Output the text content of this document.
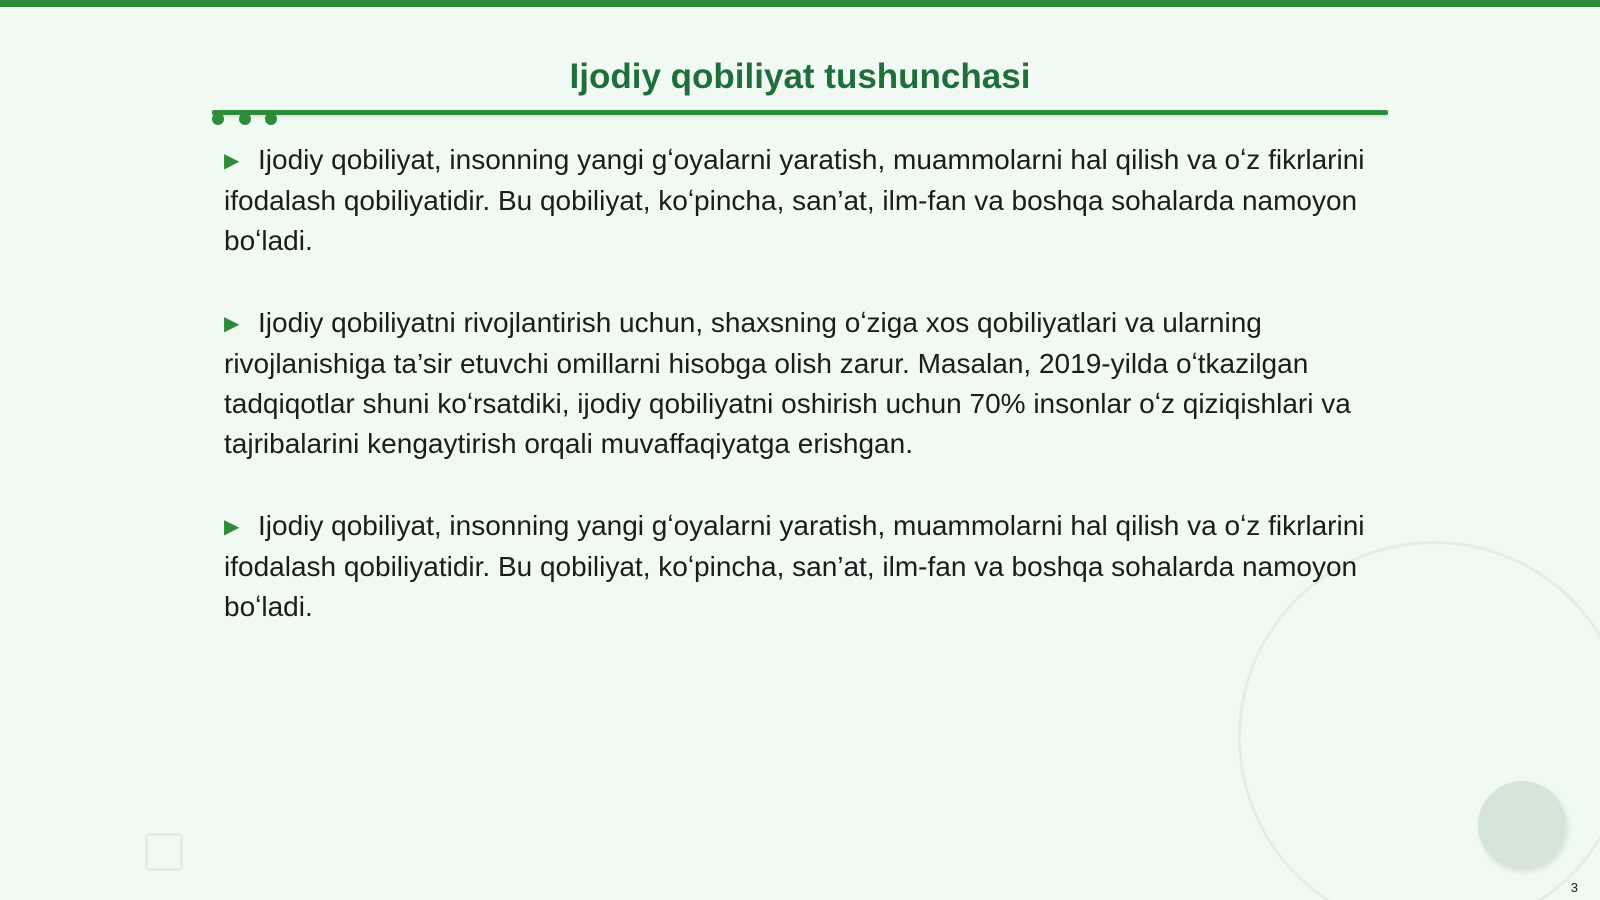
Ijodiy qobiliyat tushunchasi

▶ Ijodiy qobiliyat, insonning yangi gʻoyalarni yaratish, muammolarni hal qilish va oʻz fikrlarini ifodalash qobiliyatidir. Bu qobiliyat, koʻpincha, san’at, ilm-fan va boshqa sohalarda namoyon boʻladi.

▶ Ijodiy qobiliyatni rivojlantirish uchun, shaxsning oʻziga xos qobiliyatlari va ularning rivojlanishiga ta’sir etuvchi omillarni hisobga olish zarur. Masalan, 2019-yilda oʻtkazilgan tadqiqotlar shuni koʻrsatdiki, ijodiy qobiliyatni oshirish uchun 70% insonlar oʻz qiziqishlari va tajribalarini kengaytirish orqali muvaffaqiyatga erishgan.

▶ Ijodiy qobiliyat, insonning yangi gʻoyalarni yaratish, muammolarni hal qilish va oʻz fikrlarini ifodalash qobiliyatidir. Bu qobiliyat, koʻpincha, san’at, ilm-fan va boshqa sohalarda namoyon boʻladi.

3
